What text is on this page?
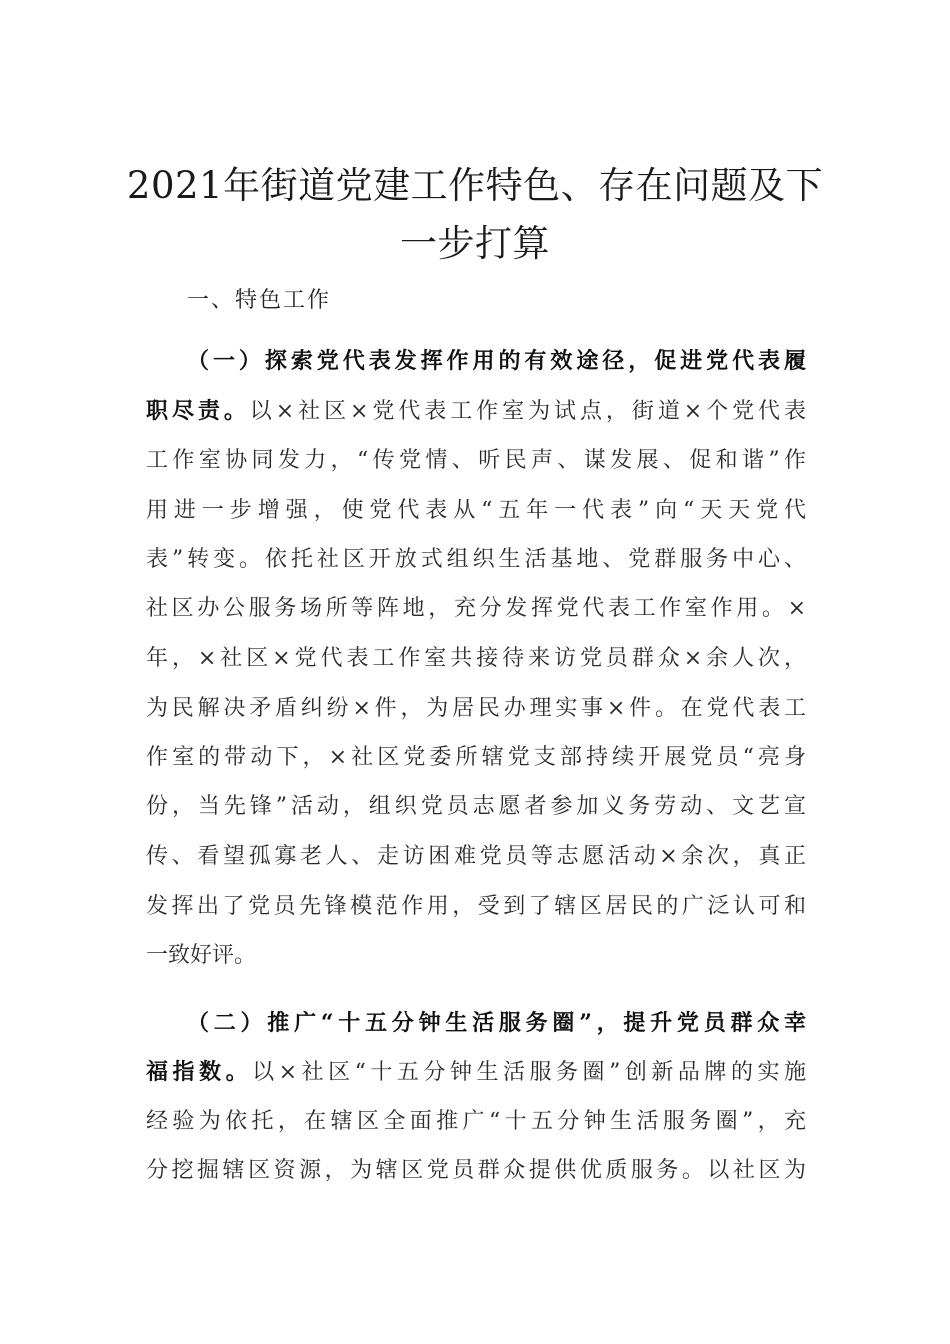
2021年街道党建工作特色、存在问题及下
一步打算
一、特色工作
（一）探索党代表发挥作用的有效途径，促进党代表履
职尽责。以×社区×党代表工作室为试点，街道×个党代表
工作室协同发力，“传党情、听民声、谋发展、促和谐”作
用进一步增强，使党代表从“五年一代表”向“天天党代
表”转变。依托社区开放式组织生活基地、党群服务中心、
社区办公服务场所等阵地，充分发挥党代表工作室作用。×
年，×社区×党代表工作室共接待来访党员群众×余人次，
为民解决矛盾纠纷×件，为居民办理实事×件。在党代表工
作室的带动下，×社区党委所辖党支部持续开展党员“亮身
份，当先锋”活动，组织党员志愿者参加义务劳动、文艺宣
传、看望孤寡老人、走访困难党员等志愿活动×余次，真正
发挥出了党员先锋模范作用，受到了辖区居民的广泛认可和
一致好评。
（二）推广“十五分钟生活服务圈”，提升党员群众幸
福指数。以×社区“十五分钟生活服务圈”创新品牌的实施
经验为依托，在辖区全面推广“十五分钟生活服务圈”，充
分挖掘辖区资源，为辖区党员群众提供优质服务。以社区为
